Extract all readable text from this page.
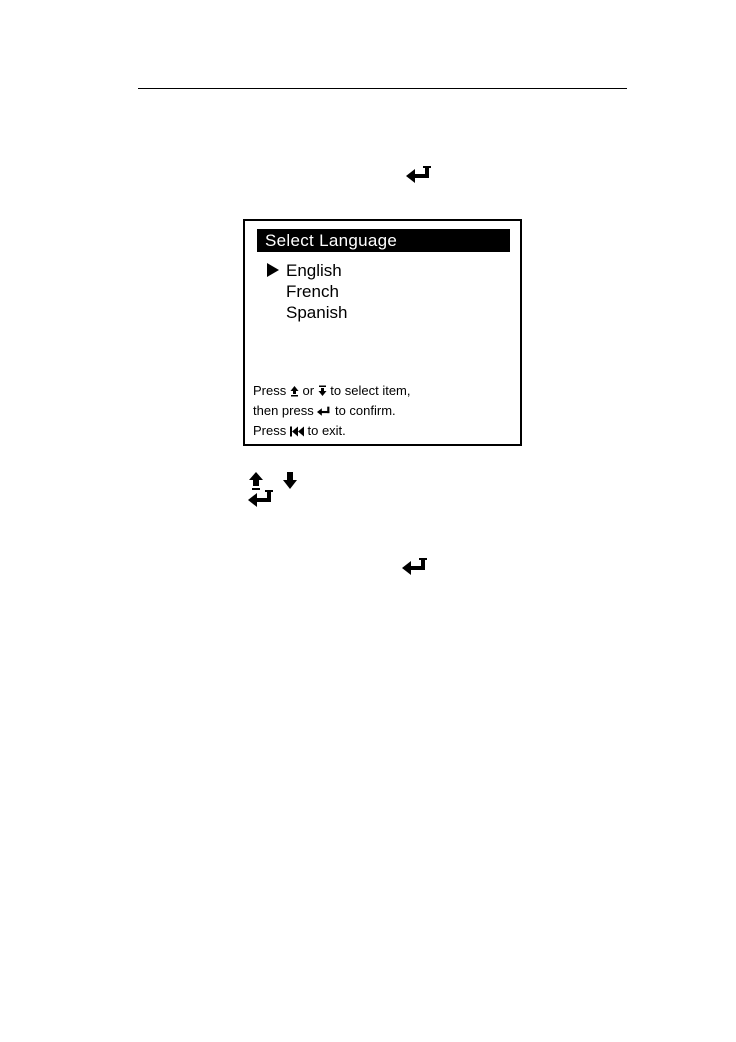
Select Language
English
French
Spanish
Press or to select item,
then press to confirm.
Press to exit.
